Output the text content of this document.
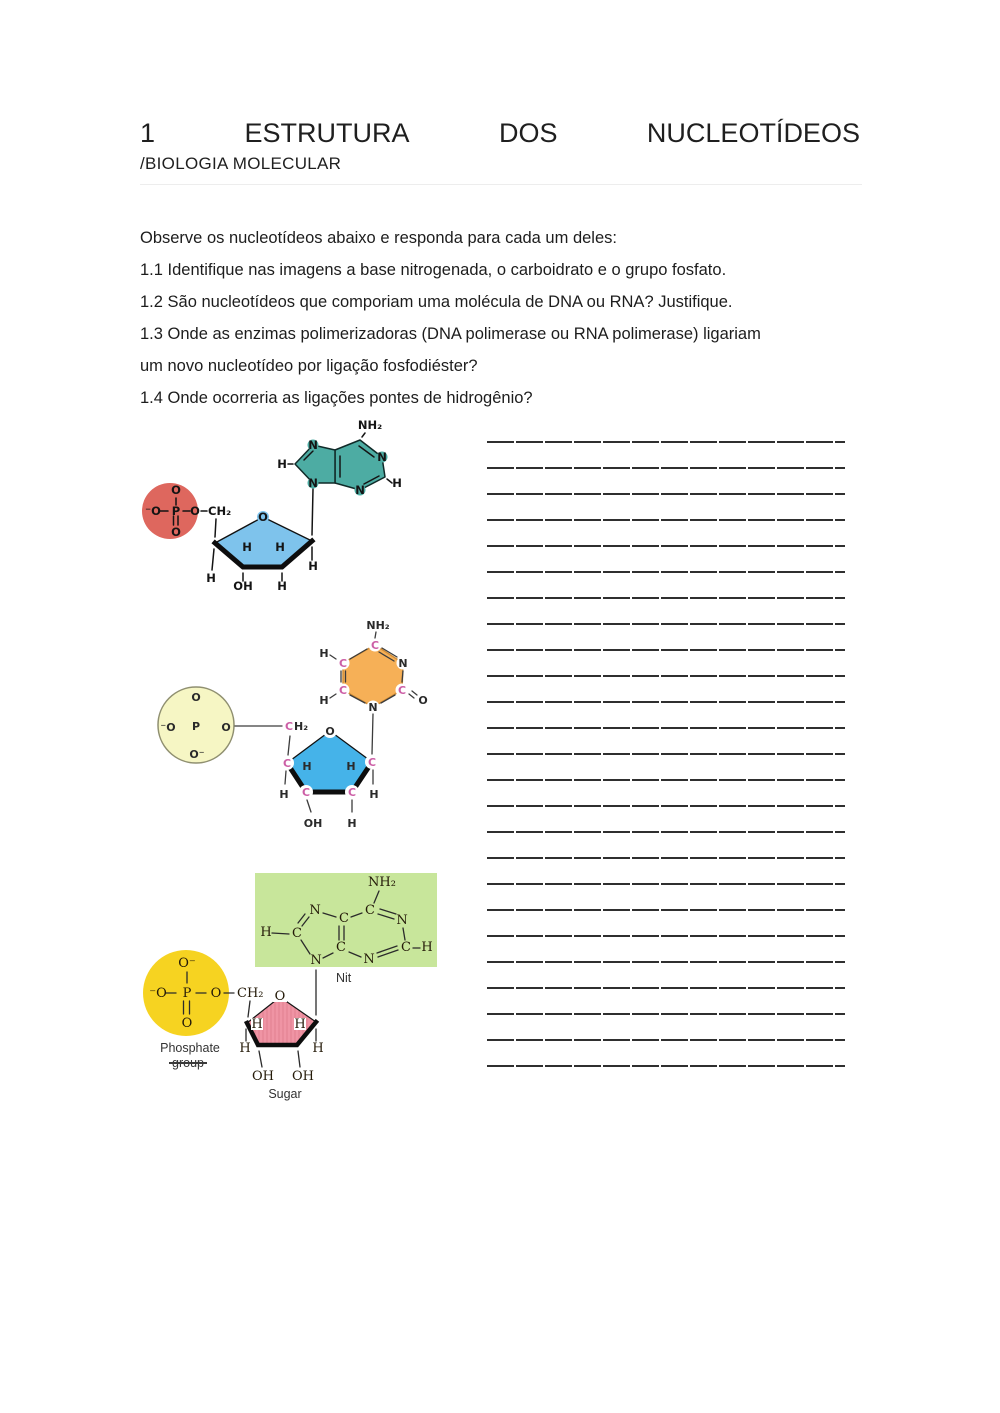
1	ESTRUTURA	DOS	NUCLEOTÍDEOS
/BIOLOGIA MOLECULAR

Observe os nucleotídeos abaixo e responda para cada um deles:

1.1 Identifique nas imagens a base nitrogenada, o carboidrato e o grupo fosfato.

1.2 São nucleotídeos que comporiam uma molécula de DNA ou RNA? Justifique.

1.3 Onde as enzimas polimerizadoras (DNA polimerase ou RNA polimerase) ligariam

um novo nucleotídeo por ligação fosfodiéster?

1.4 Onde ocorreria as ligações pontes de hidrogênio?

O
⁻O P O
O
CH₂ O
H H
H
OH H
H
N
N
N
N
NH₂
H
H
O
⁻O P O
O⁻
C H₂
C
N
C
N
C
C
NH₂
H
H	O
O
C	C
C	C
H	H
H	H
OH H
NH₂
N
C
C
N
H C
C H
C
N
N
Nit
O⁻
⁻O P O
O
CH₂
Phosphate
group
O
H H
H	H
OH OH
Sugar
